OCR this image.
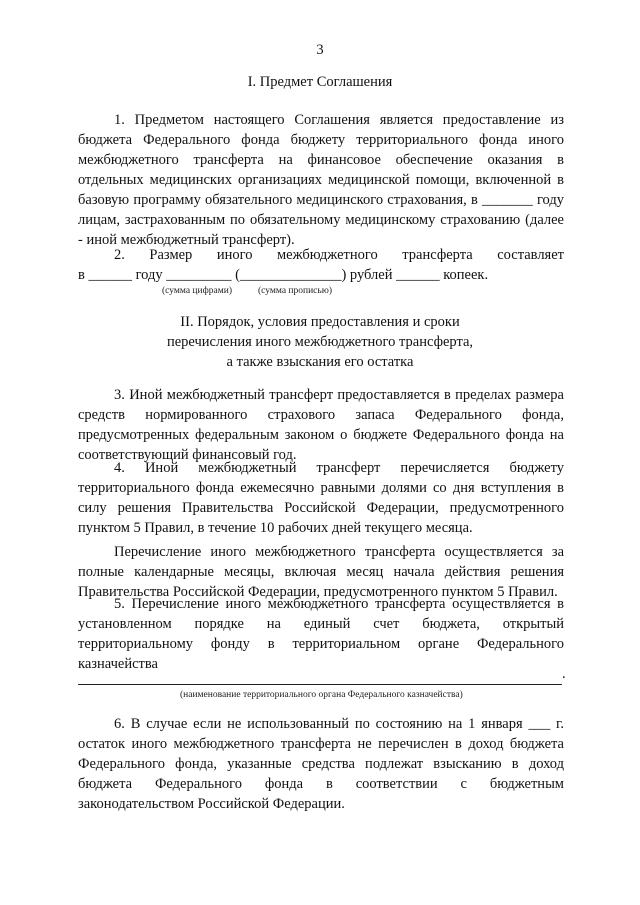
3
I. Предмет Соглашения
1. Предметом настоящего Соглашения является предоставление из бюджета Федерального фонда бюджету территориального фонда иного межбюджетного трансферта на финансовое обеспечение оказания в отдельных медицинских организациях медицинской помощи, включенной в базовую программу обязательного медицинского страхования, в _______ году лицам, застрахованным по обязательному медицинскому страхованию (далее - иной межбюджетный трансферт).
2. Размер иного межбюджетного трансферта составляет
в ______ году _________ (______________) рублей ______ копеек.
(сумма цифрами)	(сумма прописью)
II. Порядок, условия предоставления и сроки
перечисления иного межбюджетного трансферта,
а также взыскания его остатка
3. Иной межбюджетный трансферт предоставляется в пределах размера средств нормированного страхового запаса Федерального фонда, предусмотренных федеральным законом о бюджете Федерального фонда на соответствующий финансовый год.
4. Иной межбюджетный трансферт перечисляется бюджету территориального фонда ежемесячно равными долями со дня вступления в силу решения Правительства Российской Федерации, предусмотренного пунктом 5 Правил, в течение 10 рабочих дней текущего месяца.
Перечисление иного межбюджетного трансферта осуществляется за полные календарные месяцы, включая месяц начала действия решения Правительства Российской Федерации, предусмотренного пунктом 5 Правил.
5. Перечисление иного межбюджетного трансферта осуществляется в установленном порядке на единый счет бюджета, открытый территориальному фонду в территориальном органе Федерального казначейства
.
(наименование территориального органа Федерального казначейства)
6. В случае если не использованный по состоянию на 1 января ___ г. остаток иного межбюджетного трансферта не перечислен в доход бюджета Федерального фонда, указанные средства подлежат взысканию в доход бюджета Федерального фонда в соответствии с бюджетным законодательством Российской Федерации.
